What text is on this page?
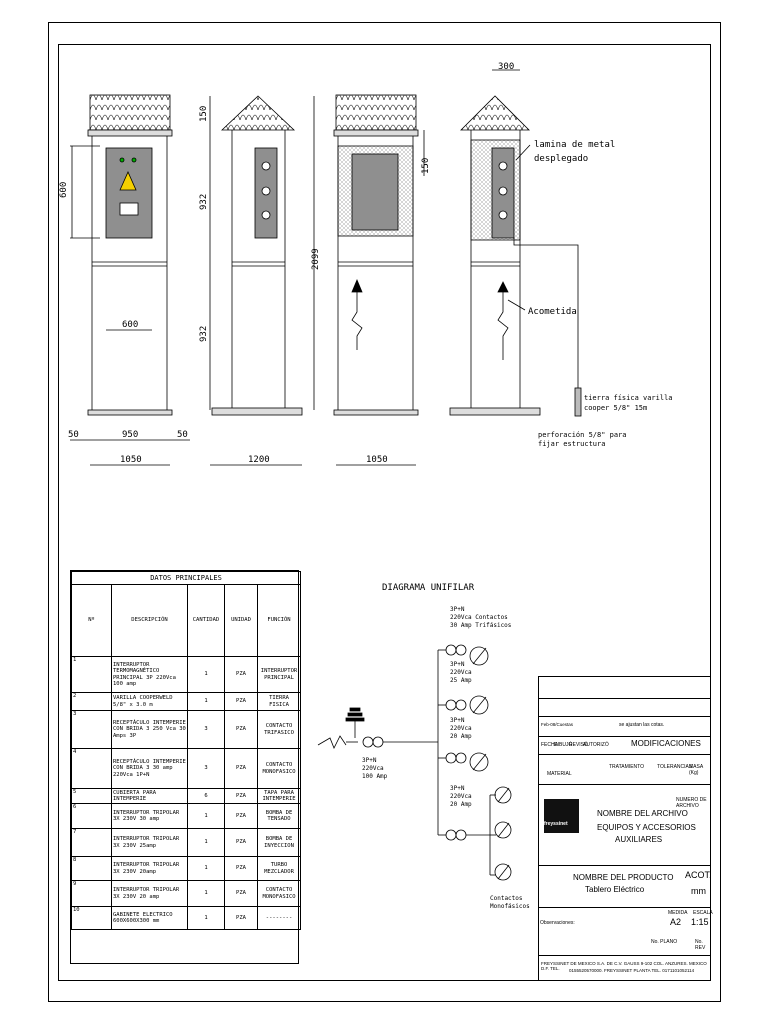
600
600
50	950	50
1050
150
932
932
1200
2099
1050
300
150
lamina de metal
desplegado
Acometida
tierra física varilla
cooper 5/8" 15m
perforación 5/8" para
fijar estructura
DIAGRAMA UNIFILAR
3P+N
220Vca
100 Amp
3P+N
220Vca Contactos
30 Amp Trifásicos
3P+N
220Vca
25 Amp
3P+N
220Vca
20 Amp
3P+N
220Vca
20 Amp
Contactos
Monofásicos
DATOS PRINCIPALES				
Nº	DESCRIPCIÓN	CANTIDAD	UNIDAD	FUNCIÓN
1	INTERRUPTOR TERMOMAGNÉTICO PRINCIPAL 3P 220Vca 100 amp	1	PZA	INTERRUPTOR PRINCIPAL
2	VARILLA COOPERWELD 5/8" x 3.0 m	1	PZA	TIERRA FISICA
3	RECEPTÁCULO INTEMPERIE CON BRIDA 3 250 Vca 30 Amps 3P	3	PZA	CONTACTO TRIFASICO
4	RECEPTÁCULO INTEMPERIE CON BRIDA 3 30 amp 220Vca 1P+N	3	PZA	CONTACTO MONOFASICO
5	CUBIERTA PARA INTEMPERIE	6	PZA	TAPA PARA INTEMPERIE
6	INTERRUPTOR TRIPOLAR 3X 230V 30 amp	1	PZA	BOMBA DE TENSADO
7	INTERRUPTOR TRIPOLAR 3X 230V 25amp	1	PZA	BOMBA DE INYECCION
8	INTERRUPTOR TRIPOLAR 3X 230V 20amp	1	PZA	TURBO MEZCLADOR
9	INTERRUPTOR TRIPOLAR 3X 230V 20 amp	1	PZA	CONTACTO MONOFASICO
10	GABINETE ELECTRICO 600X600X300 mm	1	PZA	--------
Feb-08/Cuestas	se ajustan las cotas.
FECHA
DIBUJÓ
REVISÓ
AUTORIZÓ	MODIFICACIONES
MATERIAL
TRATAMIENTO	TOLERANCIAS
MASA (Kg)
freyssinet
NOMBRE DEL ARCHIVO
EQUIPOS Y ACCESORIOS
AUXILIARES
NUMERO DE ARCHIVO
NOMBRE DEL PRODUCTO
Tablero Eléctrico
ACOT.
mm
Observaciones:
MEDIDA
A2
ESCALA
1:15
No. PLANO	No. REV
FREYSSINET DE MEXICO S.A. DE C.V. GAUSS 9-102 COL. ANZURES. MEXICO D.F. TEL.	0155520570000. FREYSSINET PLANTA TEL. 0171101052114
